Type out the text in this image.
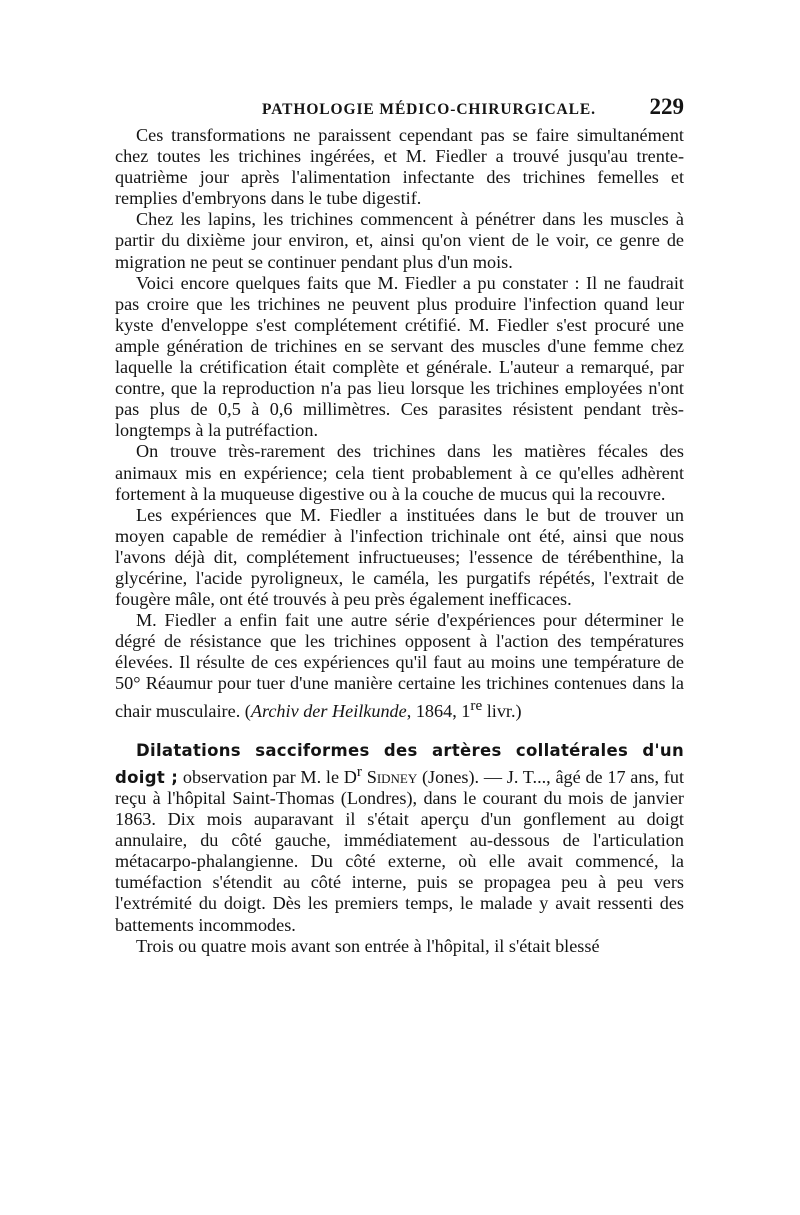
PATHOLOGIE MÉDICO-CHIRURGICALE. 229

Ces transformations ne paraissent cependant pas se faire simultanément chez toutes les trichines ingérées, et M. Fiedler a trouvé jusqu'au trente-quatrième jour après l'alimentation infectante des trichines femelles et remplies d'embryons dans le tube digestif.

Chez les lapins, les trichines commencent à pénétrer dans les muscles à partir du dixième jour environ, et, ainsi qu'on vient de le voir, ce genre de migration ne peut se continuer pendant plus d'un mois.

Voici encore quelques faits que M. Fiedler a pu constater : Il ne faudrait pas croire que les trichines ne peuvent plus produire l'infection quand leur kyste d'enveloppe s'est complétement crétifié. M. Fiedler s'est procuré une ample génération de trichines en se servant des muscles d'une femme chez laquelle la crétification était complète et générale. L'auteur a remarqué, par contre, que la reproduction n'a pas lieu lorsque les trichines employées n'ont pas plus de 0,5 à 0,6 millimètres. Ces parasites résistent pendant très-longtemps à la putréfaction.

On trouve très-rarement des trichines dans les matières fécales des animaux mis en expérience; cela tient probablement à ce qu'elles adhèrent fortement à la muqueuse digestive ou à la couche de mucus qui la recouvre.

Les expériences que M. Fiedler a instituées dans le but de trouver un moyen capable de remédier à l'infection trichinale ont été, ainsi que nous l'avons déjà dit, complétement infructueuses; l'essence de térébenthine, la glycérine, l'acide pyroligneux, le caméla, les purgatifs répétés, l'extrait de fougère mâle, ont été trouvés à peu près également inefficaces.

M. Fiedler a enfin fait une autre série d'expériences pour déterminer le dégré de résistance que les trichines opposent à l'action des températures élevées. Il résulte de ces expériences qu'il faut au moins une température de 50° Réaumur pour tuer d'une manière certaine les trichines contenues dans la chair musculaire. (Archiv der Heilkunde, 1864, 1re livr.)

Dilatations sacciformes des artères collatérales d'un doigt ; observation par M. le $D^r$ Sidney (Jones). — J. T..., âgé de 17 ans, fut reçu à l'hôpital Saint-Thomas (Londres), dans le courant du mois de janvier 1863. Dix mois auparavant il s'était aperçu d'un gonflement au doigt annulaire, du côté gauche, immédiatement au-dessous de l'articulation métacarpo-phalangienne. Du côté externe, où elle avait commencé, la tuméfaction s'étendit au côté interne, puis se propagea peu à peu vers l'extrémité du doigt. Dès les premiers temps, le malade y avait ressenti des battements incommodes.

Trois ou quatre mois avant son entrée à l'hôpital, il s'était blessé
